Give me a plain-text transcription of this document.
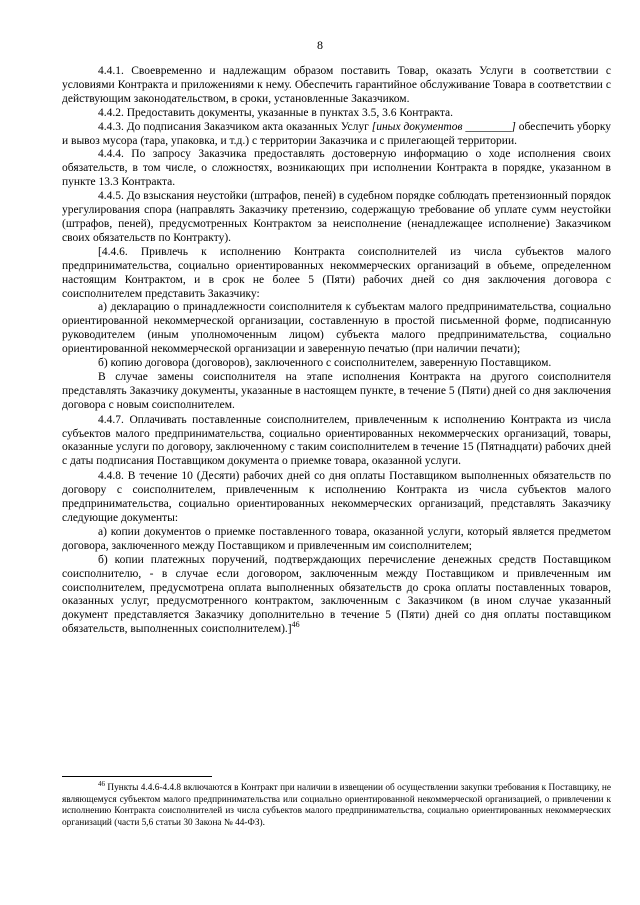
8

4.4.1. Своевременно и надлежащим образом поставить Товар, оказать Услуги в соответствии с условиями Контракта и приложениями к нему. Обеспечить гарантийное обслуживание Товара в соответствии с действующим законодательством, в сроки, установленные Заказчиком.

4.4.2. Предоставить документы, указанные в пунктах 3.5, 3.6 Контракта.

4.4.3. До подписания Заказчиком акта оказанных Услуг [иных документов ________] обеспечить уборку и вывоз мусора (тара, упаковка, и т.д.) с территории Заказчика и с прилегающей территории.

4.4.4. По запросу Заказчика предоставлять достоверную информацию о ходе исполнения своих обязательств, в том числе, о сложностях, возникающих при исполнении Контракта в порядке, указанном в пункте 13.3 Контракта.

4.4.5. До взыскания неустойки (штрафов, пеней) в судебном порядке соблюдать претензионный порядок урегулирования спора (направлять Заказчику претензию, содержащую требование об уплате сумм неустойки (штрафов, пеней), предусмотренных Контрактом за неисполнение (ненадлежащее исполнение) Заказчиком своих обязательств по Контракту).

[4.4.6. Привлечь к исполнению Контракта соисполнителей из числа субъектов малого предпринимательства, социально ориентированных некоммерческих организаций в объеме, определенном настоящим Контрактом, и в срок не более 5 (Пяти) рабочих дней со дня заключения договора с соисполнителем представить Заказчику:

а) декларацию о принадлежности соисполнителя к субъектам малого предпринимательства, социально ориентированной некоммерческой организации, составленную в простой письменной форме, подписанную руководителем (иным уполномоченным лицом) субъекта малого предпринимательства, социально ориентированной некоммерческой организации и заверенную печатью (при наличии печати);

б) копию договора (договоров), заключенного с соисполнителем, заверенную Поставщиком.

В случае замены соисполнителя на этапе исполнения Контракта на другого соисполнителя представлять Заказчику документы, указанные в настоящем пункте, в течение 5 (Пяти) дней со дня заключения договора с новым соисполнителем.

4.4.7. Оплачивать поставленные соисполнителем, привлеченным к исполнению Контракта из числа субъектов малого предпринимательства, социально ориентированных некоммерческих организаций, товары, оказанные услуги по договору, заключенному с таким соисполнителем в течение 15 (Пятнадцати) рабочих дней с даты подписания Поставщиком документа о приемке товара, оказанной услуги.

4.4.8. В течение 10 (Десяти) рабочих дней со дня оплаты Поставщиком выполненных обязательств по договору с соисполнителем, привлеченным к исполнению Контракта из числа субъектов малого предпринимательства, социально ориентированных некоммерческих организаций, представлять Заказчику следующие документы:

а) копии документов о приемке поставленного товара, оказанной услуги, который является предметом договора, заключенного между Поставщиком и привлеченным им соисполнителем;

б) копии платежных поручений, подтверждающих перечисление денежных средств Поставщиком соисполнителю, - в случае если договором, заключенным между Поставщиком и привлеченным им соисполнителем, предусмотрена оплата выполненных обязательств до срока оплаты поставленных товаров, оказанных услуг, предусмотренного контрактом, заключенным с Заказчиком (в ином случае указанный документ представляется Заказчику дополнительно в течение 5 (Пяти) дней со дня оплаты поставщиком обязательств, выполненных соисполнителем).]$^{46}$

$^{46}$ Пункты 4.4.6-4.4.8 включаются в Контракт при наличии в извещении об осуществлении закупки требования к Поставщику, не являющемуся субъектом малого предпринимательства или социально ориентированной некоммерческой организацией, о привлечении к исполнению Контракта соисполнителей из числа субъектов малого предпринимательства, социально ориентированных некоммерческих организаций (части 5,6 статьи 30 Закона № 44-ФЗ).
